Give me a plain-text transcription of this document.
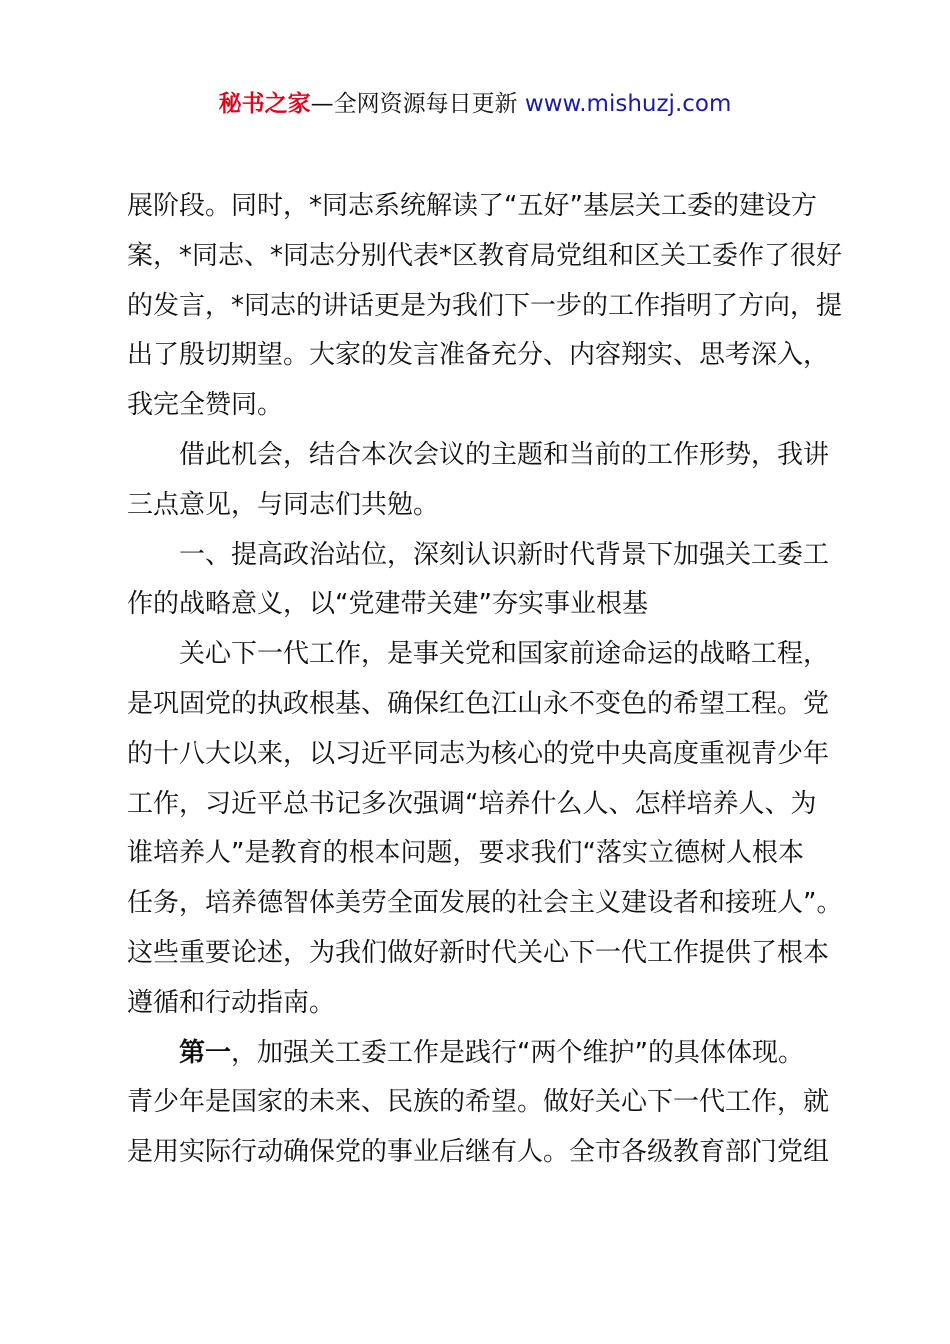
秘书之家—全网资源每日更新 www.mishuzj.com
展阶段。同时，*同志系统解读了“五好”基层关工委的建设方
案，*同志、*同志分别代表*区教育局党组和区关工委作了很好
的发言，*同志的讲话更是为我们下一步的工作指明了方向，提
出了殷切期望。大家的发言准备充分、内容翔实、思考深入，
我完全赞同。
借此机会，结合本次会议的主题和当前的工作形势，我讲
三点意见，与同志们共勉。
一、提高政治站位，深刻认识新时代背景下加强关工委工
作的战略意义，以“党建带关建”夯实事业根基
关心下一代工作，是事关党和国家前途命运的战略工程，
是巩固党的执政根基、确保红色江山永不变色的希望工程。党
的十八大以来，以习近平同志为核心的党中央高度重视青少年
工作，习近平总书记多次强调“培养什么人、怎样培养人、为
谁培养人”是教育的根本问题，要求我们“落实立德树人根本
任务，培养德智体美劳全面发展的社会主义建设者和接班人”。
这些重要论述，为我们做好新时代关心下一代工作提供了根本
遵循和行动指南。
第一，加强关工委工作是践行“两个维护”的具体体现。
青少年是国家的未来、民族的希望。做好关心下一代工作，就
是用实际行动确保党的事业后继有人。全市各级教育部门党组
